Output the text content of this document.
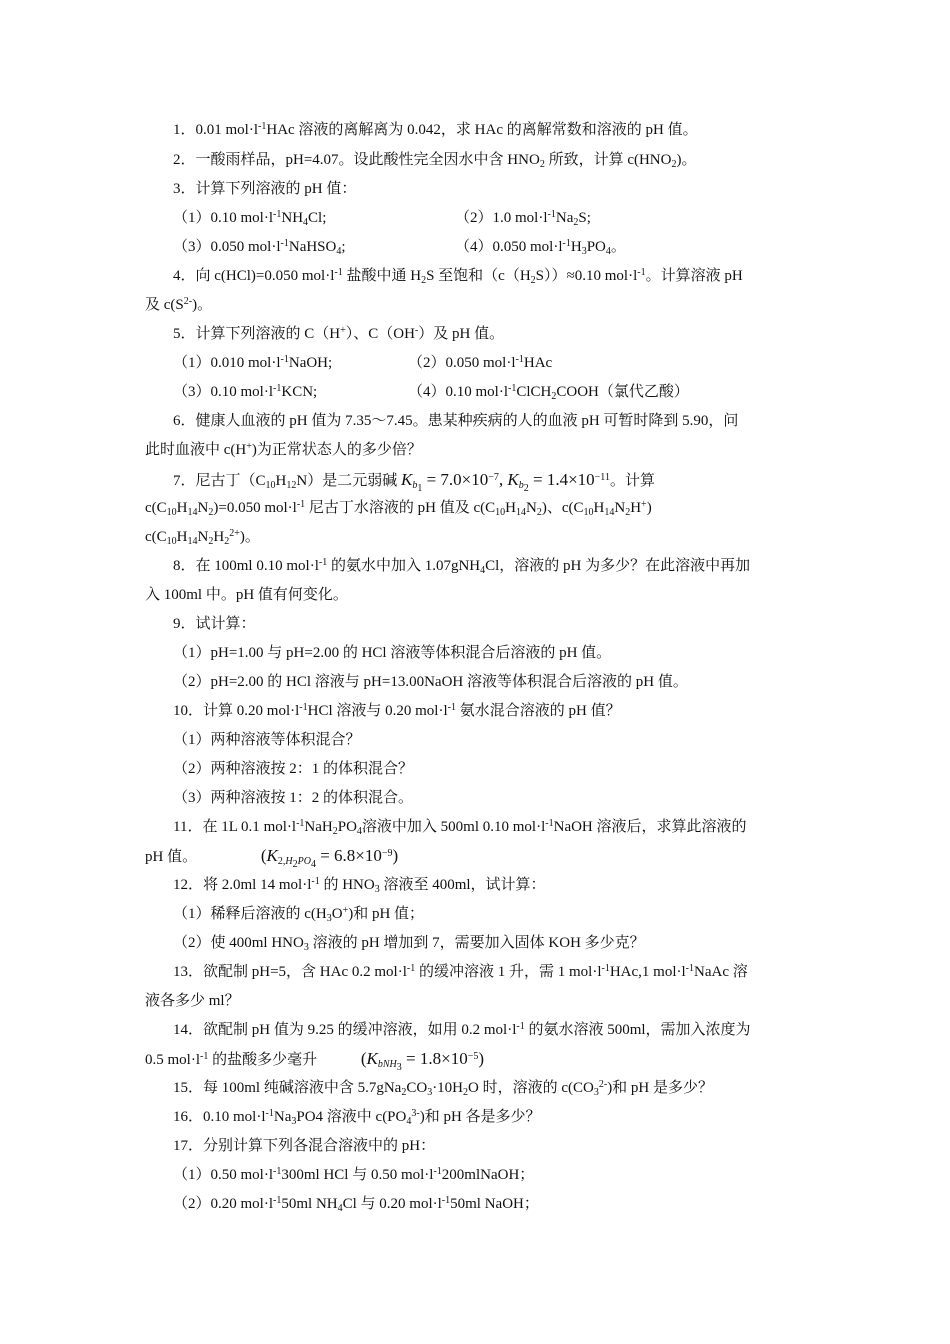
1．0.01 $mol\cdot l^{-1}HAc$ 溶液的离解离为 0.042，求 HAc 的离解常数和溶液的 pH 值。
2．一酸雨样品，pH=4.07。设此酸性完全因水中含 $HNO_2$ 所致，计算 $c(HNO_2)$。
3．计算下列溶液的 pH 值：
（1）0.10 $mol\cdot l^{-1}NH_4Cl$;	（2）1.0 $mol\cdot l^{-1}Na_2S$;
（3）0.050 $mol\cdot l^{-1}NaHSO_4$;	（4）0.050 $mol\cdot l^{-1}H_3PO_4$。
4．向 c(HCl)=0.050 $mol\cdot l^{-1}$ 盐酸中通 $H_2S$ 至饱和$(c(H_2S))\approx 0.10$ $mol\cdot l^{-1}$。计算溶液 pH
及 $c(S^{2-})$。
5．计算下列溶液的 C（H+）、C（OH-）及 pH 值。
（1）0.010 $mol\cdot l^{-1}NaOH$;	（2）0.050 $mol\cdot l^{-1}HAc$
（3）0.10 $mol\cdot l^{-1}KCN$;	（4）0.10 $mol\cdot l^{-1}ClCH_2COOH$（氯代乙酸）
6．健康人血液的 pH 值为 7.35～7.45。患某种疾病的人的血液 pH 可暂时降到 5.90，问
此时血液中 c(H+)为正常状态人的多少倍？
7．尼古丁$(C_{10}H_{12}N)$是二元弱碱 $K_{b_1} = 7.0\times 10^{-7}$, $K_{b_2} = 1.4\times 10^{-11}$。计算
$c(C_{10}H_{14}N_2)=0.050$ $mol\cdot l^{-1}$ 尼古丁水溶液的 pH 值及 $c(C_{10}H_{14}N_2)$、$c(C_{10}H_{14}N_2H^+)$
$c(C_{10}H_{14}N_2H_2^{2+})$。
8．在 100ml 0.10 $mol\cdot l^{-1}$ 的氨水中加入 1.07gNH$_4$Cl，溶液的 pH 为多少？在此溶液中再加
入 100ml 中。pH 值有何变化。
9．试计算：
（1）pH=1.00 与 pH=2.00 的 HCl 溶液等体积混合后溶液的 pH 值。
（2）pH=2.00 的 HCl 溶液与 pH=13.00NaOH 溶液等体积混合后溶液的 pH 值。
10．计算 0.20 $mol\cdot l^{-1}HCl$ 溶液与 0.20 $mol\cdot l^{-1}$ 氨水混合溶液的 pH 值？
（1）两种溶液等体积混合？
（2）两种溶液按 2：1 的体积混合？
（3）两种溶液按 1：2 的体积混合。
11．在 1L 0.1 $mol\cdot l^{-1}NaH_2PO_4$溶液中加入 500ml 0.10 $mol\cdot l^{-1}NaOH$ 溶液后，求算此溶液的
pH 值。	$(K_{2,H_2PO_4} = 6.8\times 10^{-9})$
12．将 2.0ml 14 $mol\cdot l^{-1}$ 的 $HNO_3$ 溶液至 400ml，试计算：
（1）稀释后溶液的 $c(H_3O^+)$和 pH 值；
（2）使 400ml $HNO_3$ 溶液的 pH 增加到 7，需要加入固体 KOH 多少克？
13．欲配制 pH=5，含 HAc 0.2 $mol\cdot l^{-1}$ 的缓冲溶液 1 升，需 1 $mol\cdot l^{-1}HAc,1$ $mol\cdot l^{-1}NaAc$ 溶
液各多少 ml？
14．欲配制 pH 值为 9.25 的缓冲溶液，如用 0.2 $mol\cdot l^{-1}$ 的氨水溶液 500ml，需加入浓度为
0.5 $mol\cdot l^{-1}$ 的盐酸多少毫升	$(K_{bNH_3} = 1.8\times 10^{-5})$
15．每 100ml 纯碱溶液中含 $5.7gNa_2CO_3\cdot 10H_2O$ 时，溶液的 $c(CO_3^{2-})$和 pH 是多少？
16．0.10 $mol\cdot l^{-1}Na_3PO4$ 溶液中 $c(PO_4^{3-})$和 pH 各是多少？
17．分别计算下列各混合溶液中的 pH：
（1）0.50 $mol\cdot l^{-1}300ml$ HCl 与 0.50 $mol\cdot l^{-1}200mlNaOH$；
（2）0.20 $mol\cdot l^{-1}50ml$ $NH_4Cl$ 与 0.20 $mol\cdot l^{-1}50ml$ NaOH；
